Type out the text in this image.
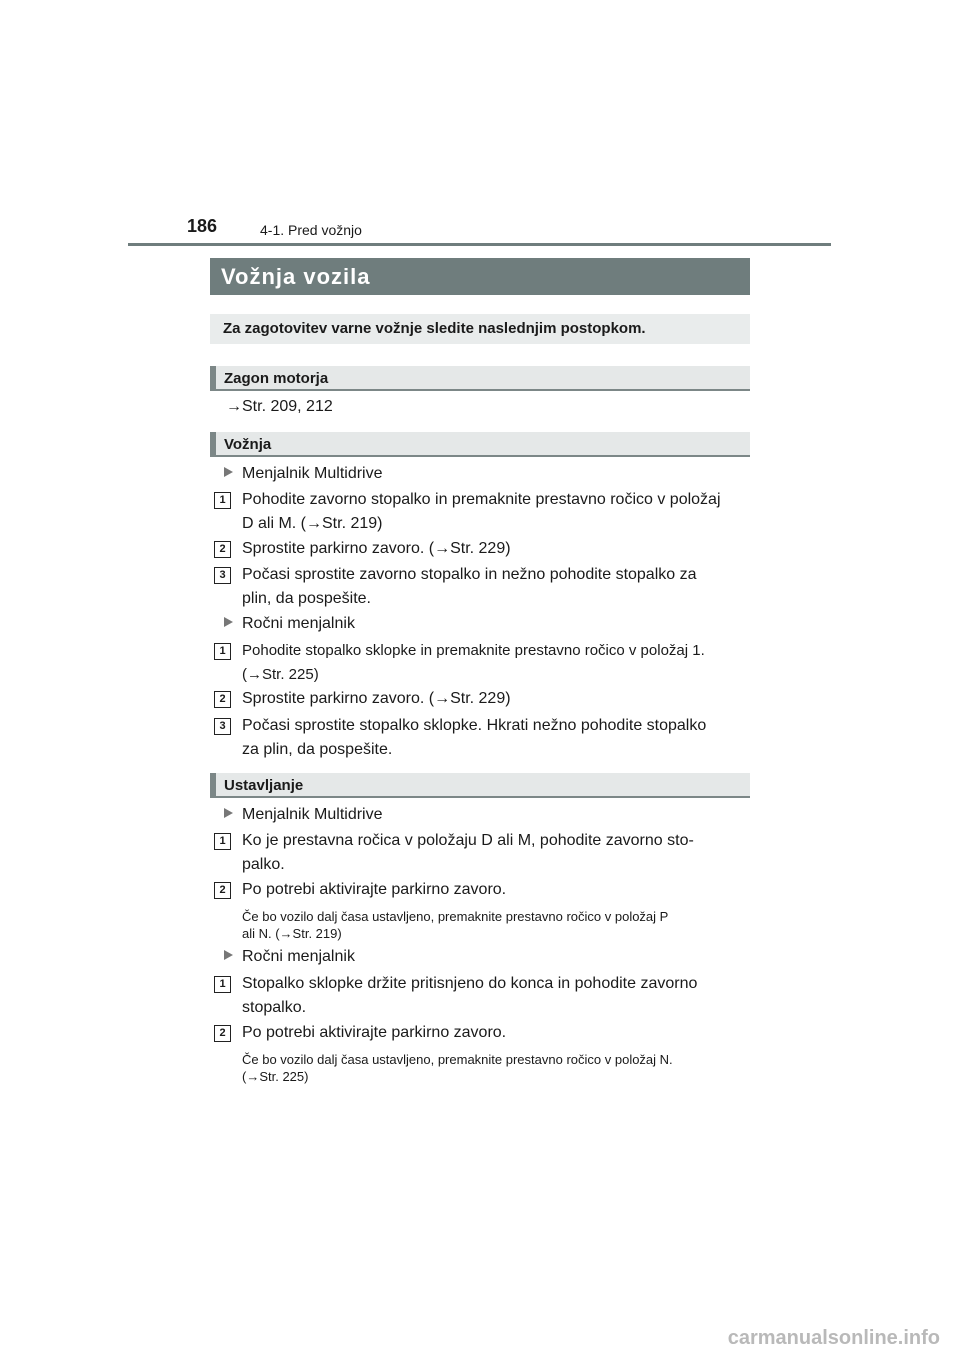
186	4-1. Pred vožnjo
Vožnja vozila
Za zagotovitev varne vožnje sledite naslednjim postopkom.
Zagon motorja
→Str. 209, 212
Vožnja
Menjalnik Multidrive
1	Pohodite zavorno stopalko in premaknite prestavno ročico v položaj
D ali M. (→Str. 219)
2	Sprostite parkirno zavoro. (→Str. 229)
3	Počasi sprostite zavorno stopalko in nežno pohodite stopalko za
plin, da pospešite.
Ročni menjalnik
1	Pohodite stopalko sklopke in premaknite prestavno ročico v položaj 1.
(→Str. 225)
2	Sprostite parkirno zavoro. (→Str. 229)
3	Počasi sprostite stopalko sklopke. Hkrati nežno pohodite stopalko
za plin, da pospešite.
Ustavljanje
Menjalnik Multidrive
1	Ko je prestavna ročica v položaju D ali M, pohodite zavorno sto-
palko.
2	Po potrebi aktivirajte parkirno zavoro.
Če bo vozilo dalj časa ustavljeno, premaknite prestavno ročico v položaj P
ali N. (→Str. 219)
Ročni menjalnik
1	Stopalko sklopke držite pritisnjeno do konca in pohodite zavorno
stopalko.
2	Po potrebi aktivirajte parkirno zavoro.
Če bo vozilo dalj časa ustavljeno, premaknite prestavno ročico v položaj N.
(→Str. 225)
carmanualsonline.info
